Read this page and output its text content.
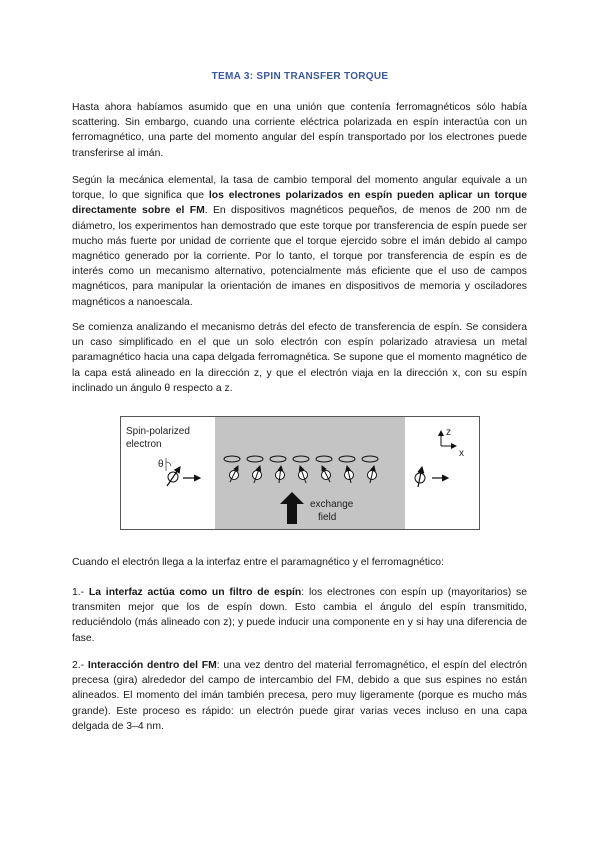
TEMA 3: SPIN TRANSFER TORQUE

Hasta ahora habíamos asumido que en una unión que contenía ferromagnéticos sólo había scattering. Sin embargo, cuando una corriente eléctrica polarizada en espín interactúa con un ferromagnético, una parte del momento angular del espín transportado por los electrones puede transferirse al imán.

Según la mecánica elemental, la tasa de cambio temporal del momento angular equivale a un torque, lo que significa que los electrones polarizados en espín pueden aplicar un torque directamente sobre el FM. En dispositivos magnéticos pequeños, de menos de 200 nm de diámetro, los experimentos han demostrado que este torque por transferencia de espín puede ser mucho más fuerte por unidad de corriente que el torque ejercido sobre el imán debido al campo magnético generado por la corriente. Por lo tanto, el torque por transferencia de espín es de interés como un mecanismo alternativo, potencialmente más eficiente que el uso de campos magnéticos, para manipular la orientación de imanes en dispositivos de memoria y osciladores magnéticos a nanoescala.

Se comienza analizando el mecanismo detrás del efecto de transferencia de espín. Se considera un caso simplificado en el que un solo electrón con espín polarizado atraviesa un metal paramagnético hacia una capa delgada ferromagnética. Se supone que el momento magnético de la capa está alineado en la dirección z, y que el electrón viaja en la dirección x, con su espín inclinado un ángulo θ respecto a z.

Spin-polarized
electron
θ
exchange
field
z
x

Cuando el electrón llega a la interfaz entre el paramagnético y el ferromagnético:

1.- La interfaz actúa como un filtro de espín: los electrones con espín up (mayoritarios) se transmiten mejor que los de espín down. Esto cambia el ángulo del espín transmitido, reduciéndolo (más alineado con z); y puede inducir una componente en y si hay una diferencia de fase.

2.- Interacción dentro del FM: una vez dentro del material ferromagnético, el espín del electrón precesa (gira) alrededor del campo de intercambio del FM, debido a que sus espines no están alineados. El momento del imán también precesa, pero muy ligeramente (porque es mucho más grande). Este proceso es rápido: un electrón puede girar varias veces incluso en una capa delgada de 3–4 nm.
